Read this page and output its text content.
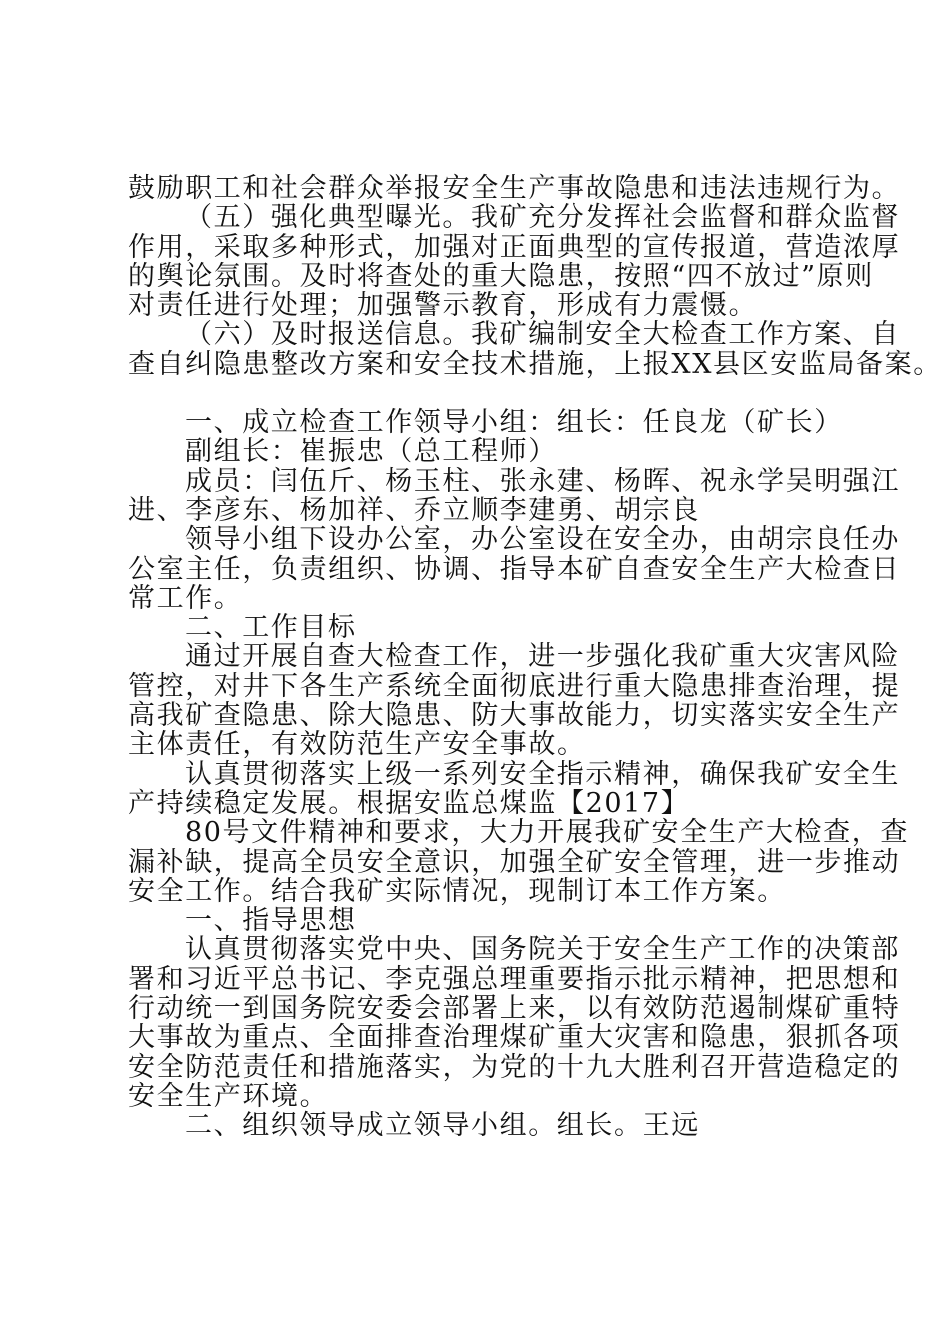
鼓励职工和社会群众举报安全生产事故隐患和违法违规行为。
（五）强化典型曝光。我矿充分发挥社会监督和群众监督
作用，采取多种形式，加强对正面典型的宣传报道，营造浓厚
的舆论氛围。及时将查处的重大隐患，按照“四不放过”原则
对责任进行处理；加强警示教育，形成有力震慑。
（六）及时报送信息。我矿编制安全大检查工作方案、自
查自纠隐患整改方案和安全技术措施，上报XX县区安监局备案。
一、成立检查工作领导小组：组长：任良龙（矿长）
副组长：崔振忠（总工程师）
成员：闫伍斤、杨玉柱、张永建、杨晖、祝永学吴明强江
进、李彦东、杨加祥、乔立顺李建勇、胡宗良
领导小组下设办公室，办公室设在安全办，由胡宗良任办
公室主任，负责组织、协调、指导本矿自查安全生产大检查日
常工作。
二、工作目标
通过开展自查大检查工作，进一步强化我矿重大灾害风险
管控，对井下各生产系统全面彻底进行重大隐患排查治理，提
高我矿查隐患、除大隐患、防大事故能力，切实落实安全生产
主体责任，有效防范生产安全事故。
认真贯彻落实上级一系列安全指示精神，确保我矿安全生
产持续稳定发展。根据安监总煤监【2017】
80号文件精神和要求，大力开展我矿安全生产大检查，查
漏补缺，提高全员安全意识，加强全矿安全管理，进一步推动
安全工作。结合我矿实际情况，现制订本工作方案。
一、指导思想
认真贯彻落实党中央、国务院关于安全生产工作的决策部
署和习近平总书记、李克强总理重要指示批示精神，把思想和
行动统一到国务院安委会部署上来，以有效防范遏制煤矿重特
大事故为重点、全面排查治理煤矿重大灾害和隐患，狠抓各项
安全防范责任和措施落实，为党的十九大胜利召开营造稳定的
安全生产环境。
二、组织领导成立领导小组。组长。王远
